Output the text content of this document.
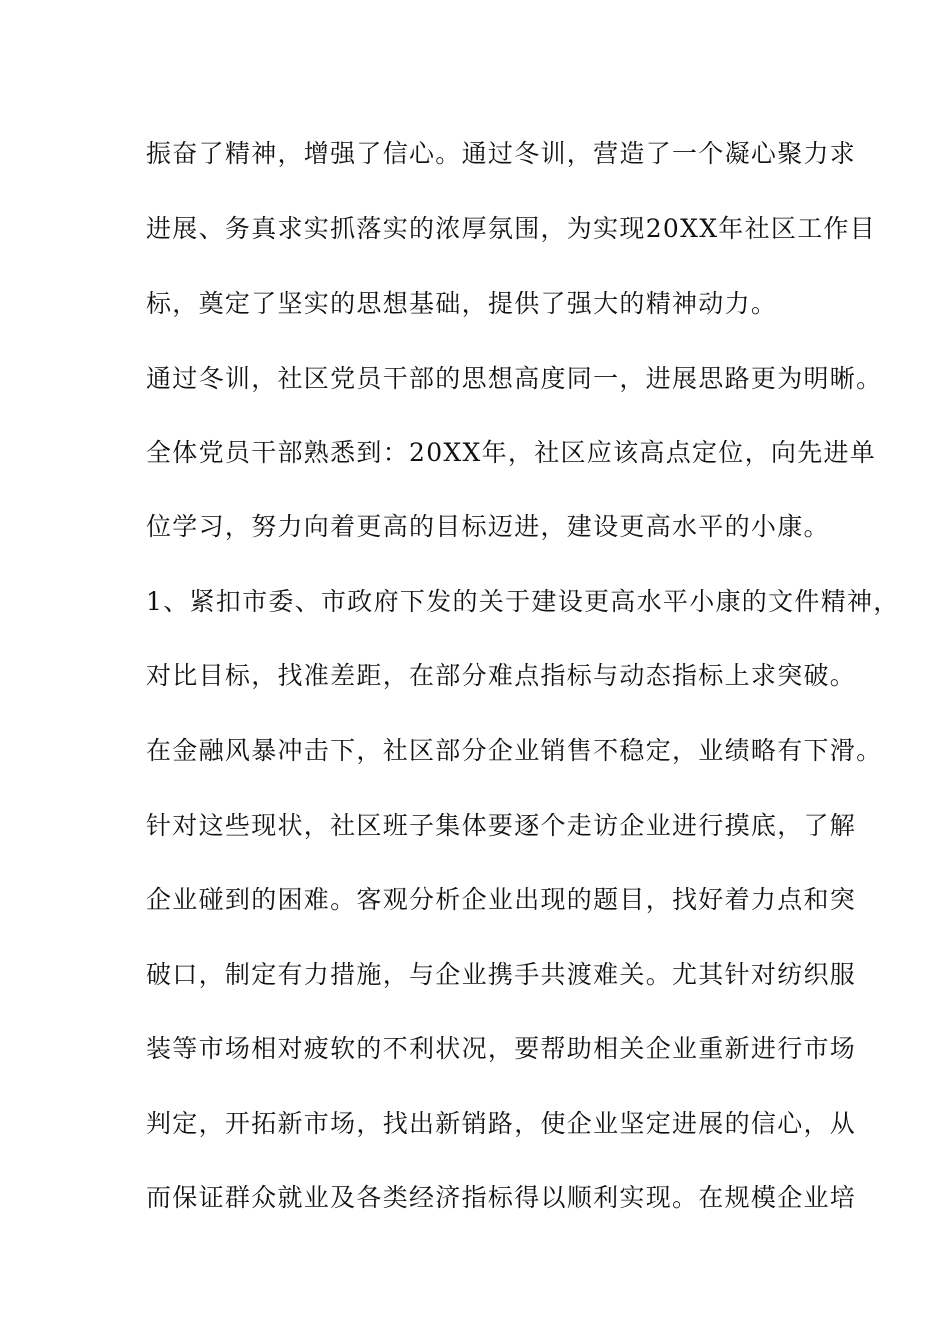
振奋了精神，增强了信心。通过冬训，营造了一个凝心聚力求

进展、务真求实抓落实的浓厚氛围，为实现20XX年社区工作目

标，奠定了坚实的思想基础，提供了强大的精神动力。

通过冬训，社区党员干部的思想高度同一，进展思路更为明晰。

全体党员干部熟悉到：20XX年，社区应该高点定位，向先进单

位学习，努力向着更高的目标迈进，建设更高水平的小康。

1、紧扣市委、市政府下发的关于建设更高水平小康的文件精神，

对比目标，找准差距，在部分难点指标与动态指标上求突破。

在金融风暴冲击下，社区部分企业销售不稳定，业绩略有下滑。

针对这些现状，社区班子集体要逐个走访企业进行摸底，了解

企业碰到的困难。客观分析企业出现的题目，找好着力点和突

破口，制定有力措施，与企业携手共渡难关。尤其针对纺织服

装等市场相对疲软的不利状况，要帮助相关企业重新进行市场

判定，开拓新市场，找出新销路，使企业坚定进展的信心，从

而保证群众就业及各类经济指标得以顺利实现。在规模企业培
